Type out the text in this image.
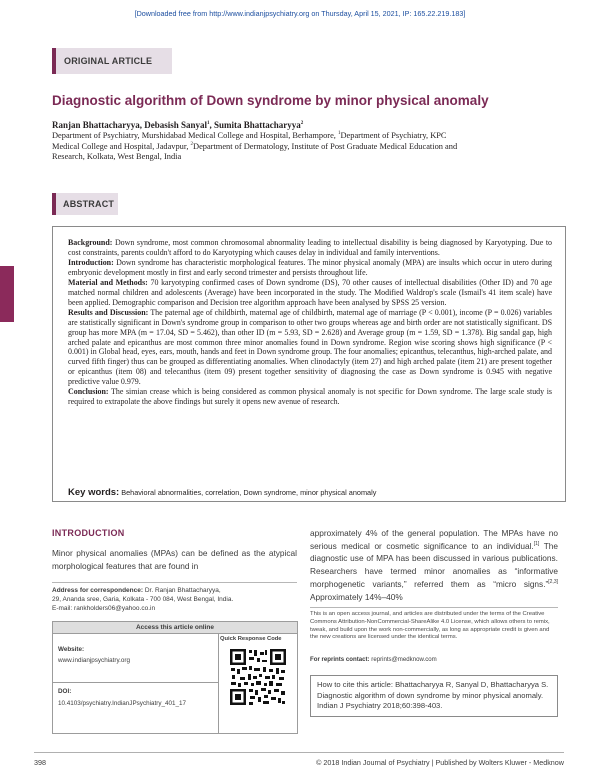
[Downloaded free from http://www.indianjpsychiatry.org on Thursday, April 15, 2021, IP: 165.22.219.183]
ORIGINAL ARTICLE
Diagnostic algorithm of Down syndrome by minor physical anomaly
Ranjan Bhattacharyya, Debasish Sanyal$^1$, Sumita Bhattacharyya$^2$
Department of Psychiatry, Murshidabad Medical College and Hospital, Berhampore, $^1$Department of Psychiatry, KPC
Medical College and Hospital, Jadavpur, $^2$Department of Dermatology, Institute of Post Graduate Medical Education and
Research, Kolkata, West Bengal, India
ABSTRACT

Background: Down syndrome, most common chromosomal abnormality leading to intellectual disability is being diagnosed by Karyotyping. Due to cost constraints, parents couldn't afford to do Karyotyping which causes delay in individual and family interventions.

Introduction: Down syndrome has characteristic morphological features. The minor physical anomaly (MPA) are insults which occur in utero during embryonic development mostly in first and early second trimester and persists throughout life.

Material and Methods: 70 karyotyping confirmed cases of Down syndrome (DS), 70 other causes of intellectual disabilities (Other ID) and 70 age matched normal children and adolescents (Average) have been incorporated in the study. The Modified Waldrop's scale (Ismail's 41 item scale) have been applied. Demographic comparison and Decision tree algorithm approach have been analysed by SPSS 25 version.

Results and Discussion: The paternal age of childbirth, maternal age of childbirth, maternal age of marriage (P < 0.001), income (P = 0.026) variables are statistically significant in Down's syndrome group in comparison to other two groups whereas age and birth order are not statistically significant. DS group has more MPA (m = 17.04, SD = 5.462), than other ID (m = 5.93, SD = 2.628) and Average group (m = 1.59, SD = 1.378). Big sandal gap, high arched palate and epicanthus are most common three minor anomalies found in Down syndrome. Region wise scoring shows high significance (P < 0.001) in Global head, eyes, ears, mouth, hands and feet in Down syndrome group. The four anomalies; epicanthus, telecanthus, high-arched palate, and curved fifth finger) thus can be grouped as differentiating anomalies. When clinodactyly (item 27) and high arched palate (item 21) are present together or epicanthus (item 08) and telecanthus (item 09) present together sensitivity of diagnosing the case as Down syndrome is 0.945 with negative predictive value 0.979.

Conclusion: The simian crease which is being considered as common physical anomaly is not specific for Down syndrome. The large scale study is required to extrapolate the above findings but surely it opens new avenue of research.

Key words: Behavioral abnormalities, correlation, Down syndrome, minor physical anomaly
INTRODUCTION
Minor physical anomalies (MPAs) can be defined as the atypical morphological features that are found in
approximately 4% of the general population. The MPAs have no serious medical or cosmetic significance to an individual.[1] The diagnostic use of MPA has been discussed in various publications. Researchers have termed minor anomalies as “informative morphogenetic variants,” referred them as “micro signs.”[2,3] Approximately 14%–40%
Address for correspondence: Dr. Ranjan Bhattacharyya,
29, Ananda sree, Garia, Kolkata - 700 084, West Bengal, India.
E-mail: rankholders06@yahoo.co.in
Access this article online
Website:
www.indianjpsychiatry.org
DOI:
10.4103/psychiatry.IndianJPsychiatry_401_17
Quick Response Code
This is an open access journal, and articles are distributed under the terms of the Creative Commons Attribution-NonCommercial-ShareAlike 4.0 License, which allows others to remix, tweak, and build upon the work non-commercially, as long as appropriate credit is given and the new creations are licensed under the identical terms.
For reprints contact: reprints@medknow.com
How to cite this article: Bhattacharyya R, Sanyal D, Bhattacharyya S. Diagnostic algorithm of down syndrome by minor physical anomaly. Indian J Psychiatry 2018;60:398-403.
398	© 2018 Indian Journal of Psychiatry | Published by Wolters Kluwer - Medknow
